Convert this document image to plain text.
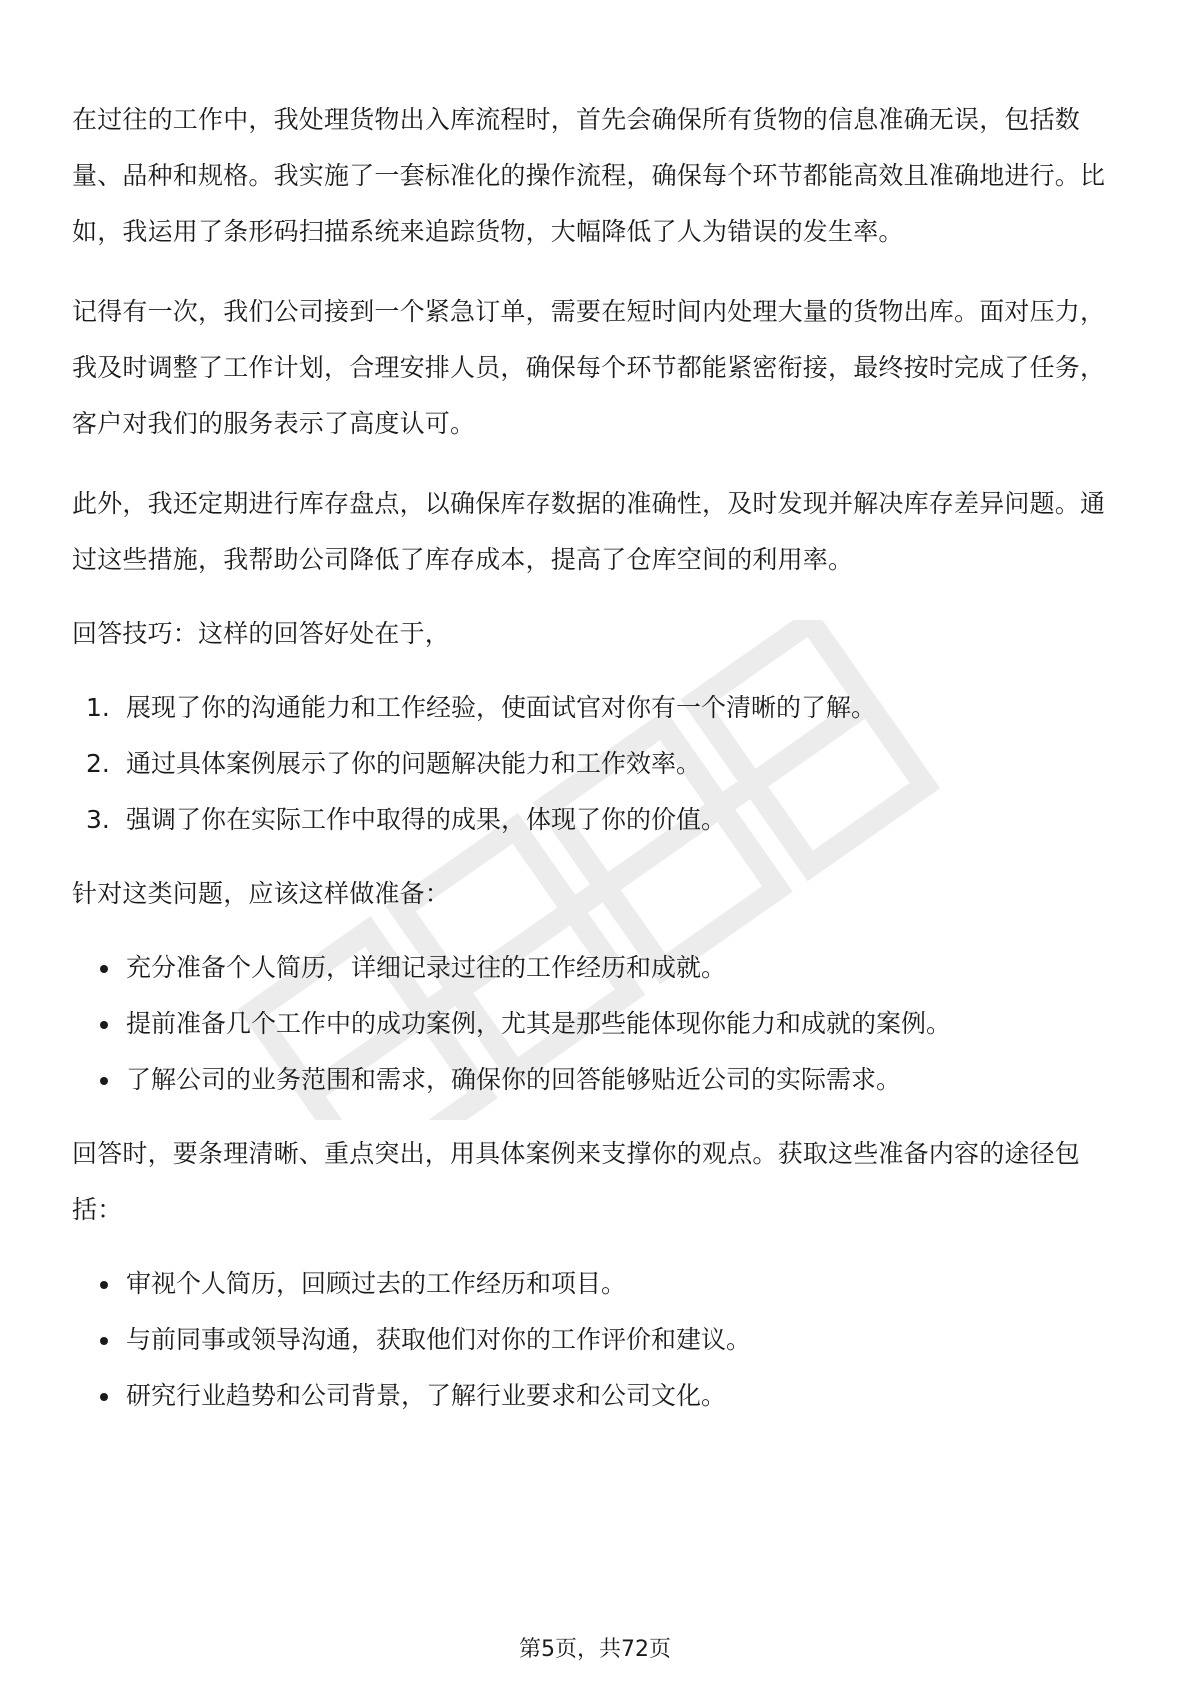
在过往的工作中，我处理货物出入库流程时，首先会确保所有货物的信息准确无误，包括数量、品种和规格。我实施了一套标准化的操作流程，确保每个环节都能高效且准确地进行。比如，我运用了条形码扫描系统来追踪货物，大幅降低了人为错误的发生率。

记得有一次，我们公司接到一个紧急订单，需要在短时间内处理大量的货物出库。面对压力，我及时调整了工作计划，合理安排人员，确保每个环节都能紧密衔接，最终按时完成了任务，客户对我们的服务表示了高度认可。

此外，我还定期进行库存盘点，以确保库存数据的准确性，及时发现并解决库存差异问题。通过这些措施，我帮助公司降低了库存成本，提高了仓库空间的利用率。

回答技巧：这样的回答好处在于，

1. 展现了你的沟通能力和工作经验，使面试官对你有一个清晰的了解。
2. 通过具体案例展示了你的问题解决能力和工作效率。
3. 强调了你在实际工作中取得的成果，体现了你的价值。

针对这类问题，应该这样做准备：

充分准备个人简历，详细记录过往的工作经历和成就。
提前准备几个工作中的成功案例，尤其是那些能体现你能力和成就的案例。
了解公司的业务范围和需求，确保你的回答能够贴近公司的实际需求。

回答时，要条理清晰、重点突出，用具体案例来支撑你的观点。获取这些准备内容的途径包括：

审视个人简历，回顾过去的工作经历和项目。
与前同事或领导沟通，获取他们对你的工作评价和建议。
研究行业趋势和公司背景，了解行业要求和公司文化。
第5页，共72页
